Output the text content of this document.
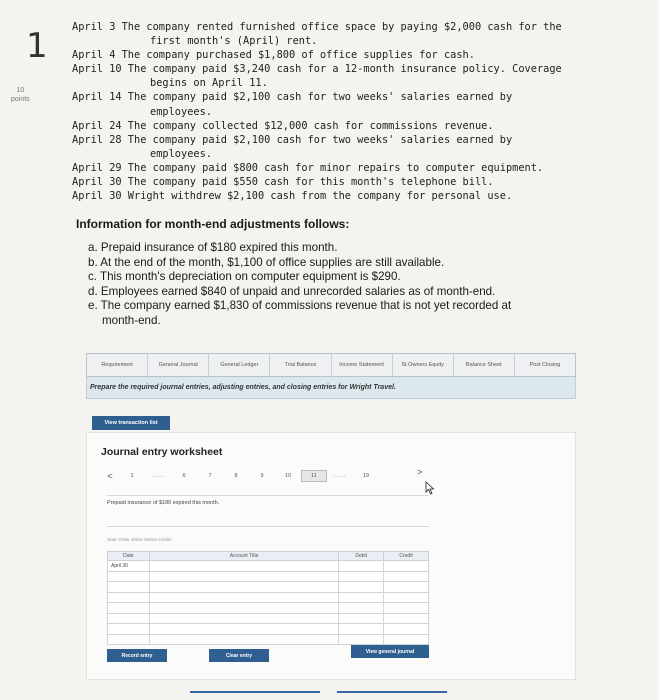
1
10
points

April 3 The company rented furnished office space by paying $2,000 cash for the
first month's (April) rent.

April 4 The company purchased $1,800 of office supplies for cash.

April 10 The company paid $3,240 cash for a 12-month insurance policy. Coverage
begins on April 11.

April 14 The company paid $2,100 cash for two weeks' salaries earned by
employees.

April 24 The company collected $12,000 cash for commissions revenue.

April 28 The company paid $2,100 cash for two weeks' salaries earned by
employees.

April 29 The company paid $800 cash for minor repairs to computer equipment.

April 30 The company paid $550 cash for this month's telephone bill.

April 30 Wright withdrew $2,100 cash from the company for personal use.

Information for month-end adjustments follows:
a. Prepaid insurance of $180 expired this month.
b. At the end of the month, $1,100 of office supplies are still available.
c. This month's depreciation on computer equipment is $290.
d. Employees earned $840 of unpaid and unrecorded salaries as of month-end.
e. The company earned $1,830 of commissions revenue that is not yet recorded at
month-end.
Requirement	General Journal	General Ledger	Trial Balance	Income Statement	St Owners Equity	Balance Sheet	Post Closing
Prepare the required journal entries, adjusting entries, and closing entries for Wright Travel.
View transaction list
Journal entry worksheet
<	1	.....	6	7	8	9	10	11	.....	19	>
Prepaid insurance of $180 expired this month.
Note: Enter debits before credits.
Date	Account Title	Debit	Credit
April 30			

Record entry	Clear entry
View general journal
